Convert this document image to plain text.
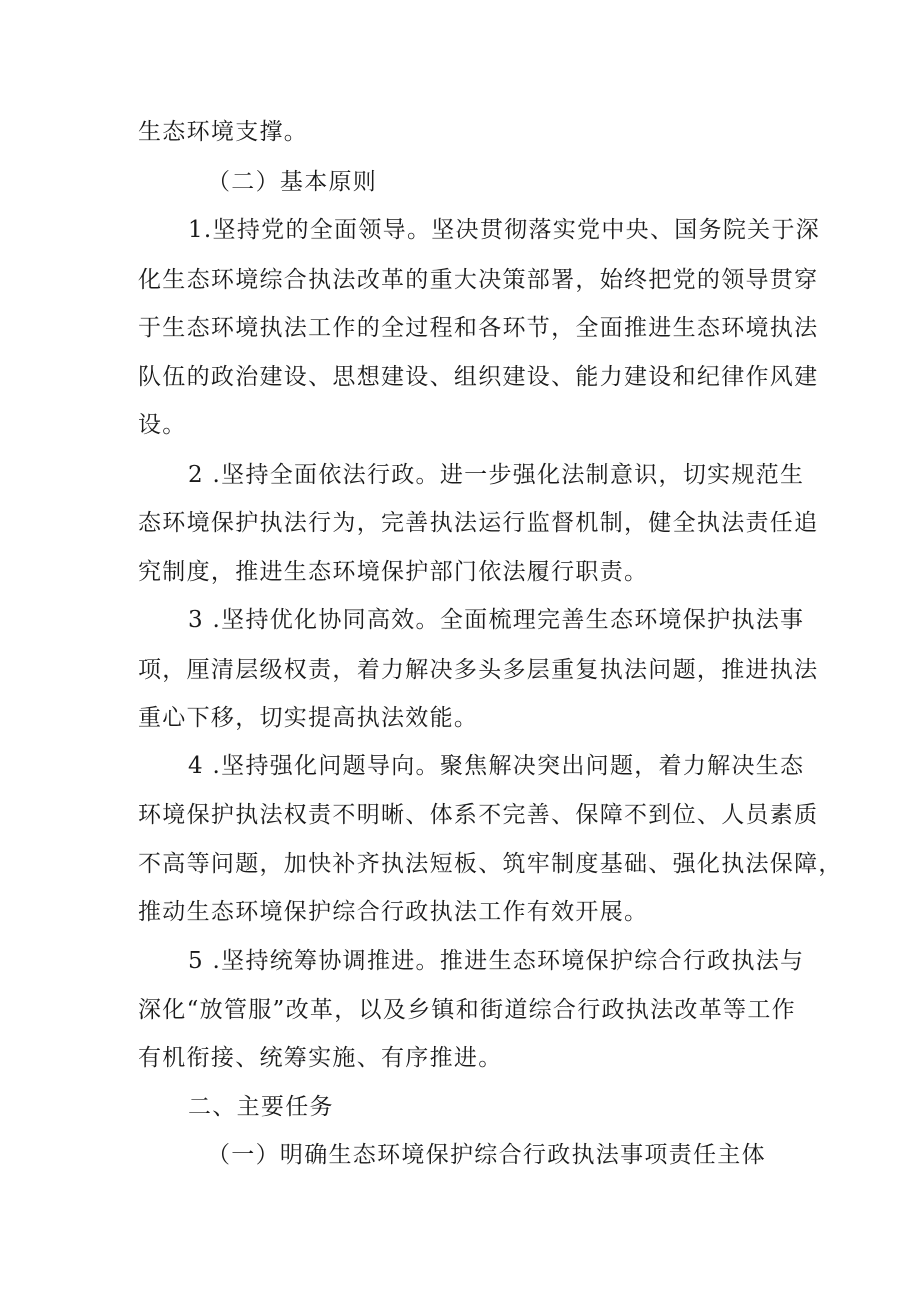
生态环境支撑。
（二）基本原则
1.坚持党的全面领导。坚决贯彻落实党中央、国务院关于深
化生态环境综合执法改革的重大决策部署，始终把党的领导贯穿
于生态环境执法工作的全过程和各环节，全面推进生态环境执法
队伍的政治建设、思想建设、组织建设、能力建设和纪律作风建
设。
2 .坚持全面依法行政。进一步强化法制意识，切实规范生
态环境保护执法行为，完善执法运行监督机制，健全执法责任追
究制度，推进生态环境保护部门依法履行职责。
3 .坚持优化协同高效。全面梳理完善生态环境保护执法事
项，厘清层级权责，着力解决多头多层重复执法问题，推进执法
重心下移，切实提高执法效能。
4 .坚持强化问题导向。聚焦解决突出问题，着力解决生态
环境保护执法权责不明晰、体系不完善、保障不到位、人员素质
不高等问题，加快补齐执法短板、筑牢制度基础、强化执法保障，
推动生态环境保护综合行政执法工作有效开展。
5 .坚持统筹协调推进。推进生态环境保护综合行政执法与
深化“放管服”改革，以及乡镇和街道综合行政执法改革等工作
有机衔接、统筹实施、有序推进。
二、主要任务
（一）明确生态环境保护综合行政执法事项责任主体
